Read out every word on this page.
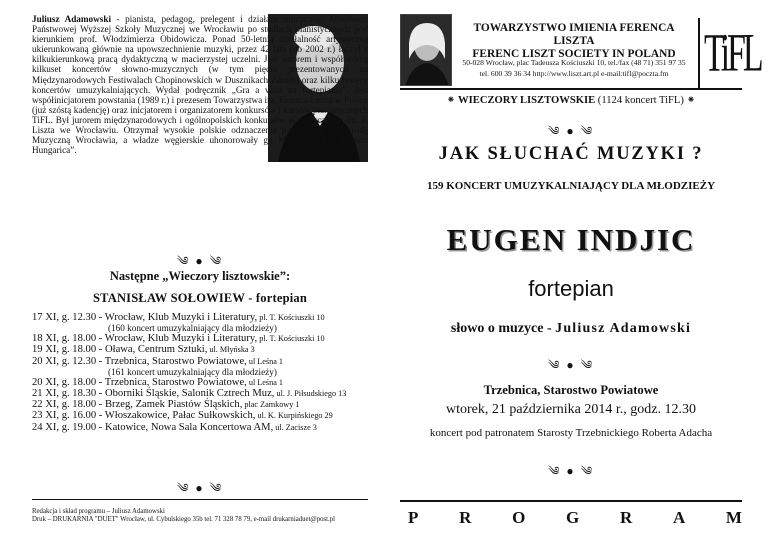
Juliusz Adamowski - pianista, pedagog, prelegent i działacz muzyczny. Absolwent Państwowej Wyższej Szkoły Muzycznej we Wrocławiu po studiach pianistycznych pod kierunkiem prof. Włodzimierza Obidowicza. Ponad 50-letnią działalność artystyczną ukierunkowaną głównie na upowszechnienie muzyki, przez 42 lata (do 2002 r.) łączył z kilkukierunkową pracą dydaktyczną w macierzystej uczelni. Jest autorem i współtwórcą kilkuset koncertów słowno-muzycznych (w tym pięciu prezentowanych na Międzynarodowych Festiwalach Chopinowskich w Dusznikach Zdroju) oraz kilku tysięcy koncertów umuzykalniających. Wydał podręcznik „Gra a vista na fortepianie”. Jest współinicjatorem powstania (1989 r.) i prezesem Towarzystwa im. Ferenca Liszta w Polsce (już szóstą kadencję) oraz inicjatorem i organizatorem konkursów i kursów pianistycznych TiFL. Był jurorem międzynarodowych i ogólnopolskich konkursów pianistycznych im. F. Liszta we Wrocławiu. Otrzymał wysokie polskie odznaczenia państwowe i Nagrodę Muzyczną Wrocławia, a władze węgierskie uhonorowały go Medalem „Pro Cultura Hungarica”.
༄ ● ༄
Następne „Wieczory lisztowskie”:
STANISŁAW SOŁOWIEW - fortepian
17 XI, g. 12.30 - Wrocław, Klub Muzyki i Literatury, pl. T. Kościuszki 10
(160 koncert umuzykalniający dla młodzieży)
18 XI, g. 18.00 - Wrocław, Klub Muzyki i Literatury, pl. T. Kościuszki 10
19 XI, g. 18.00 - Oława, Centrum Sztuki, ul. Młyńska 3
20 XI, g. 12.30 - Trzebnica, Starostwo Powiatowe, ul Leśna 1
(161 koncert umuzykalniający dla młodzieży)
20 XI, g. 18.00 - Trzebnica, Starostwo Powiatowe, ul Leśna 1
21 XI, g. 18.30 - Oborniki Śląskie, Salonik Cztrech Muz, ul. J. Piłsudskiego 13
22 XI, g. 18.00 - Brzeg, Zamek Piastów Śląskich, plac Zamkowy 1
23 XI, g. 16.00 - Włoszakowice, Pałac Sułkowskich, ul. K. Kurpińskiego 29
24 XI, g. 19.00 - Katowice, Nowa Sala Koncertowa AM, ul. Zacisze 3
༄ ● ༄
Redakcja i skład programu – Juliusz Adamowski
Druk – DRUKARNIA "DUET" Wrocław, ul. Cybulskiego 35b tel. 71 328 78 79, e-mail drukarniaduet@post.pl
TOWARZYSTWO IMIENIA FERENCA LISZTA
FERENC LISZT SOCIETY IN POLAND
50-028 Wrocław, plac Tadeusza Kościuszki 10, tel./fax (48 71) 351 97 35
tel. 600 39 36 34 http://www.liszt.art.pl e-mail:tifl@poczta.fm	TiFL
⁕ WIECZORY LISZTOWSKIE (1124 koncert TiFL) ⁕
༄ ● ༄
JAK SŁUCHAĆ MUZYKI ?
159 KONCERT UMUZYKALNIAJĄCY DLA MŁODZIEŻY
EUGEN INDJIC
fortepian
słowo o muzyce - Juliusz Adamowski
༄ ● ༄
Trzebnica, Starostwo Powiatowe
wtorek, 21 października 2014 r., godz. 12.30
koncert pod patronatem Starosty Trzebnickiego Roberta Adacha
༄ ● ༄
P R O G R A M
